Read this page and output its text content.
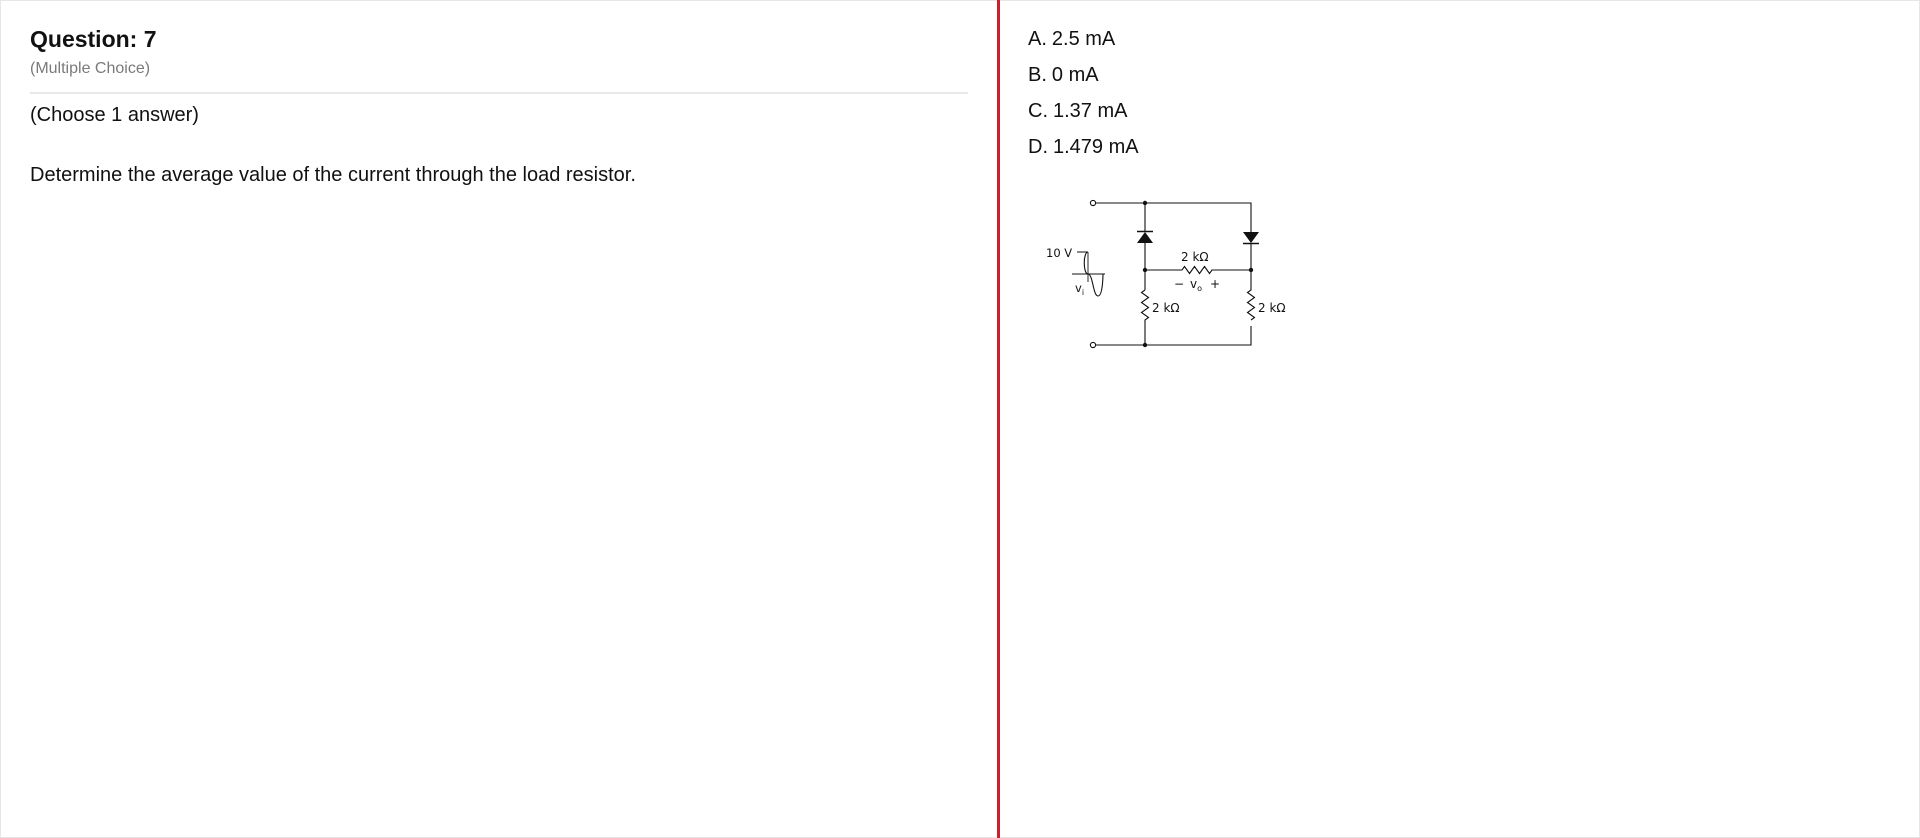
Question: 7
(Multiple Choice)
(Choose 1 answer)
Determine the average value of the current through the load resistor.
A. 2.5 mA
B. 0 mA
C. 1.37 mA
D. 1.479 mA
10 V
$v_i$
2 kΩ
− $v_o$ +
2 kΩ	2 kΩ
